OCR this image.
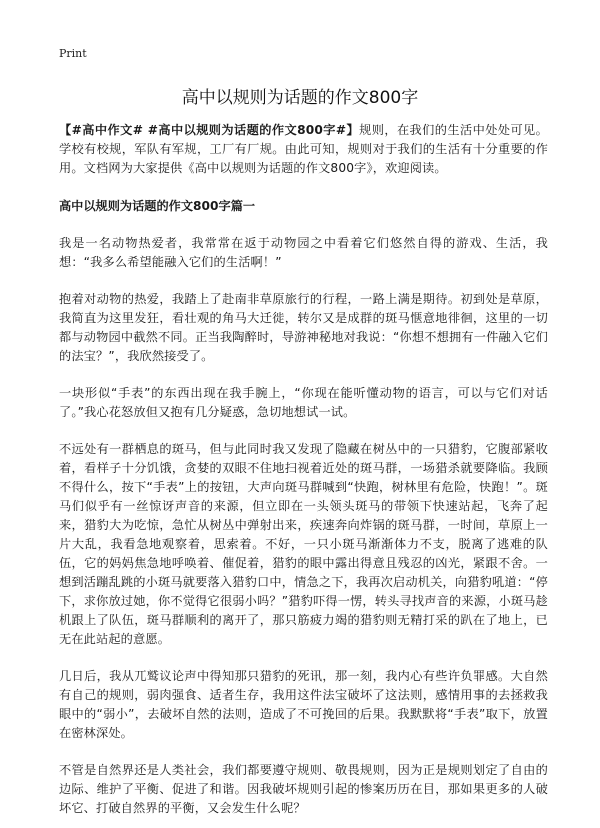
Print
高中以规则为话题的作文800字

【#高中作文# #高中以规则为话题的作文800字#】规则，在我们的生活中处处可见。学校有校规，军队有军规，工厂有厂规。由此可知，规则对于我们的生活有十分重要的作用。文档网为大家提供《高中以规则为话题的作文800字》，欢迎阅读。

高中以规则为话题的作文800字篇一

我是一名动物热爱者，我常常在返于动物园之中看着它们悠然自得的游戏、生活，我想：“我多么希望能融入它们的生活啊！”

抱着对动物的热爱，我踏上了赴南非草原旅行的行程，一路上满是期待。初到处是草原，我简直为这里发狂，看壮观的角马大迁徙，转尔又是成群的斑马惬意地徘徊，这里的一切都与动物园中截然不同。正当我陶醉时，导游神秘地对我说：“你想不想拥有一件融入它们的法宝？”，我欣然接受了。

一块形似“手表”的东西出现在我手腕上，“你现在能听懂动物的语言，可以与它们对话了。”我心花怒放但又抱有几分疑惑，急切地想试一试。

不远处有一群栖息的斑马，但与此同时我又发现了隐藏在树丛中的一只猎豹，它腹部紧收着，看样子十分饥饿，贪婪的双眼不住地扫视着近处的斑马群，一场猎杀就要降临。我顾不得什么，按下“手表”上的按钮，大声向斑马群喊到“快跑，树林里有危险，快跑！”。斑马们似乎有一丝惊讶声音的来源，但立即在一头领头斑马的带领下快速站起，飞奔了起来，猎豹大为吃惊，急忙从树丛中弹射出来，疾速奔向炸锅的斑马群，一时间，草原上一片大乱，我看急地观察着，思索着。不好，一只小斑马渐渐体力不支，脱离了逃难的队伍，它的妈妈焦急地呼唤着、催促着，猎豹的眼中露出得意且残忍的凶光，紧跟不舍。一想到活蹦乱跳的小斑马就要落入猎豹口中，情急之下，我再次启动机关，向猎豹吼道：“停下，求你放过她，你不觉得它很弱小吗？”猎豹吓得一愣，转头寻找声音的来源，小斑马趁机跟上了队伍，斑马群顺利的离开了，那只筋疲力竭的猎豹则无精打采的趴在了地上，已无在此站起的意愿。

几日后，我从兀鹫议论声中得知那只猎豹的死讯，那一刻，我内心有些许负罪感。大自然有自己的规则，弱肉强食、适者生存，我用这件法宝破坏了这法则，感情用事的去拯救我眼中的“弱小”，去破坏自然的法则，造成了不可挽回的后果。我默默将“手表”取下，放置在密林深处。

不管是自然界还是人类社会，我们都要遵守规则、敬畏规则，因为正是规则划定了自由的边际、维护了平衡、促进了和谐。因我破坏规则引起的惨案历历在目，那如果更多的人破坏它、打破自然界的平衡，又会发生什么呢？
